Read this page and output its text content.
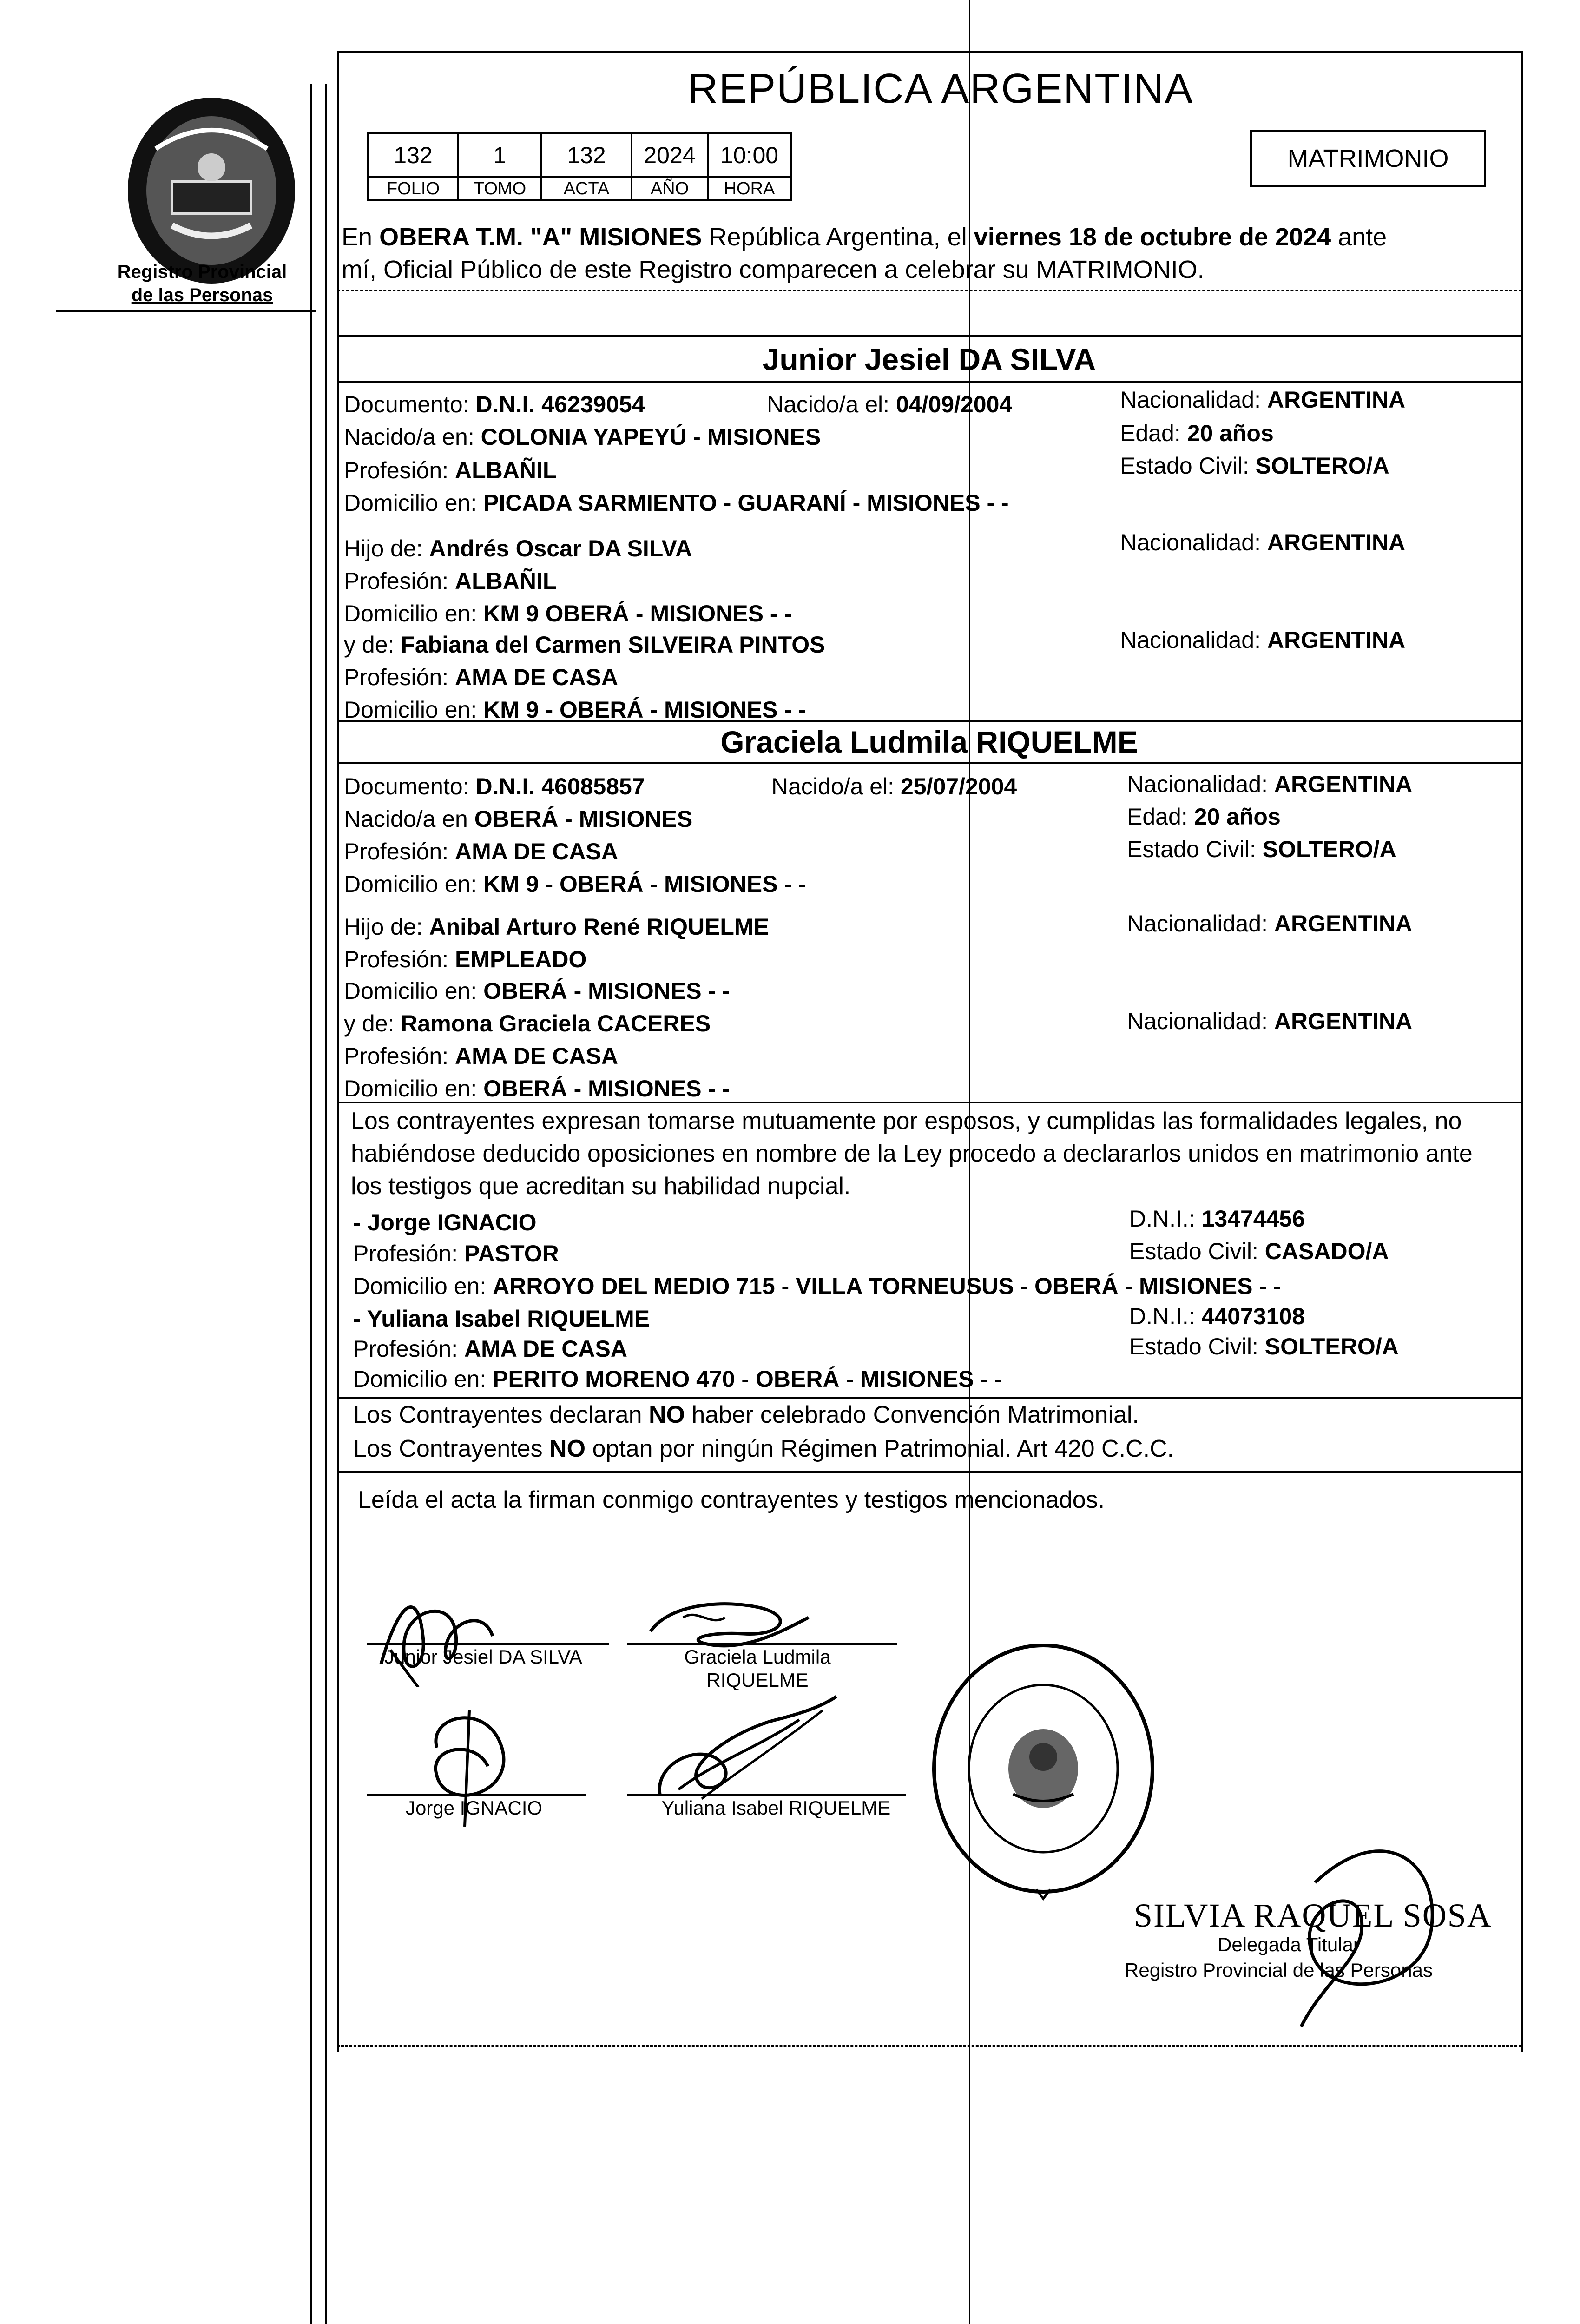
Registro Provincial
de las Personas
REPÚBLICA ARGENTINA
132	1	132	2024	10:00
FOLIO	TOMO	ACTA	AÑO	HORA
MATRIMONIO
En OBERA T.M. "A" MISIONES República Argentina, el viernes 18 de octubre de 2024 ante
mí, Oficial Público de este Registro comparecen a celebrar su MATRIMONIO.
Junior Jesiel DA SILVA
Documento: D.N.I. 46239054	Nacido/a el: 04/09/2004	Nacionalidad: ARGENTINA
Nacido/a en: COLONIA YAPEYÚ - MISIONES	Edad: 20 años
Profesión: ALBAÑIL	Estado Civil: SOLTERO/A
Domicilio en: PICADA SARMIENTO - GUARANÍ - MISIONES - -
Hijo de: Andrés Oscar DA SILVA	Nacionalidad: ARGENTINA
Profesión: ALBAÑIL
Domicilio en: KM 9 OBERÁ - MISIONES - -
y de: Fabiana del Carmen SILVEIRA PINTOS	Nacionalidad: ARGENTINA
Profesión: AMA DE CASA
Domicilio en: KM 9 - OBERÁ - MISIONES - -
Graciela Ludmila RIQUELME
Documento: D.N.I. 46085857	Nacido/a el: 25/07/2004	Nacionalidad: ARGENTINA
Nacido/a en OBERÁ - MISIONES	Edad: 20 años
Profesión: AMA DE CASA	Estado Civil: SOLTERO/A
Domicilio en: KM 9 - OBERÁ - MISIONES - -
Hijo de: Anibal Arturo René RIQUELME	Nacionalidad: ARGENTINA
Profesión: EMPLEADO
Domicilio en: OBERÁ - MISIONES - -
y de: Ramona Graciela CACERES	Nacionalidad: ARGENTINA
Profesión: AMA DE CASA
Domicilio en: OBERÁ - MISIONES - -
Los contrayentes expresan tomarse mutuamente por esposos, y cumplidas las formalidades legales, no
habiéndose deducido oposiciones en nombre de la Ley procedo a declararlos unidos en matrimonio ante
los testigos que acreditan su habilidad nupcial.
- Jorge IGNACIO	D.N.I.: 13474456
Profesión: PASTOR	Estado Civil: CASADO/A
Domicilio en: ARROYO DEL MEDIO 715 - VILLA TORNEUSUS - OBERÁ - MISIONES - -
- Yuliana Isabel RIQUELME	D.N.I.: 44073108
Profesión: AMA DE CASA	Estado Civil: SOLTERO/A
Domicilio en: PERITO MORENO 470 - OBERÁ - MISIONES - -
Los Contrayentes declaran NO haber celebrado Convención Matrimonial.
Los Contrayentes NO optan por ningún Régimen Patrimonial. Art 420 C.C.C.
Leída el acta la firman conmigo contrayentes y testigos mencionados.
Junior Jesiel DA SILVA	Graciela Ludmila
RIQUELME
Jorge IGNACIO	Yuliana Isabel RIQUELME
SILVIA RAQUEL SOSA
Delegada Titular
Registro Provincial de las Personas
